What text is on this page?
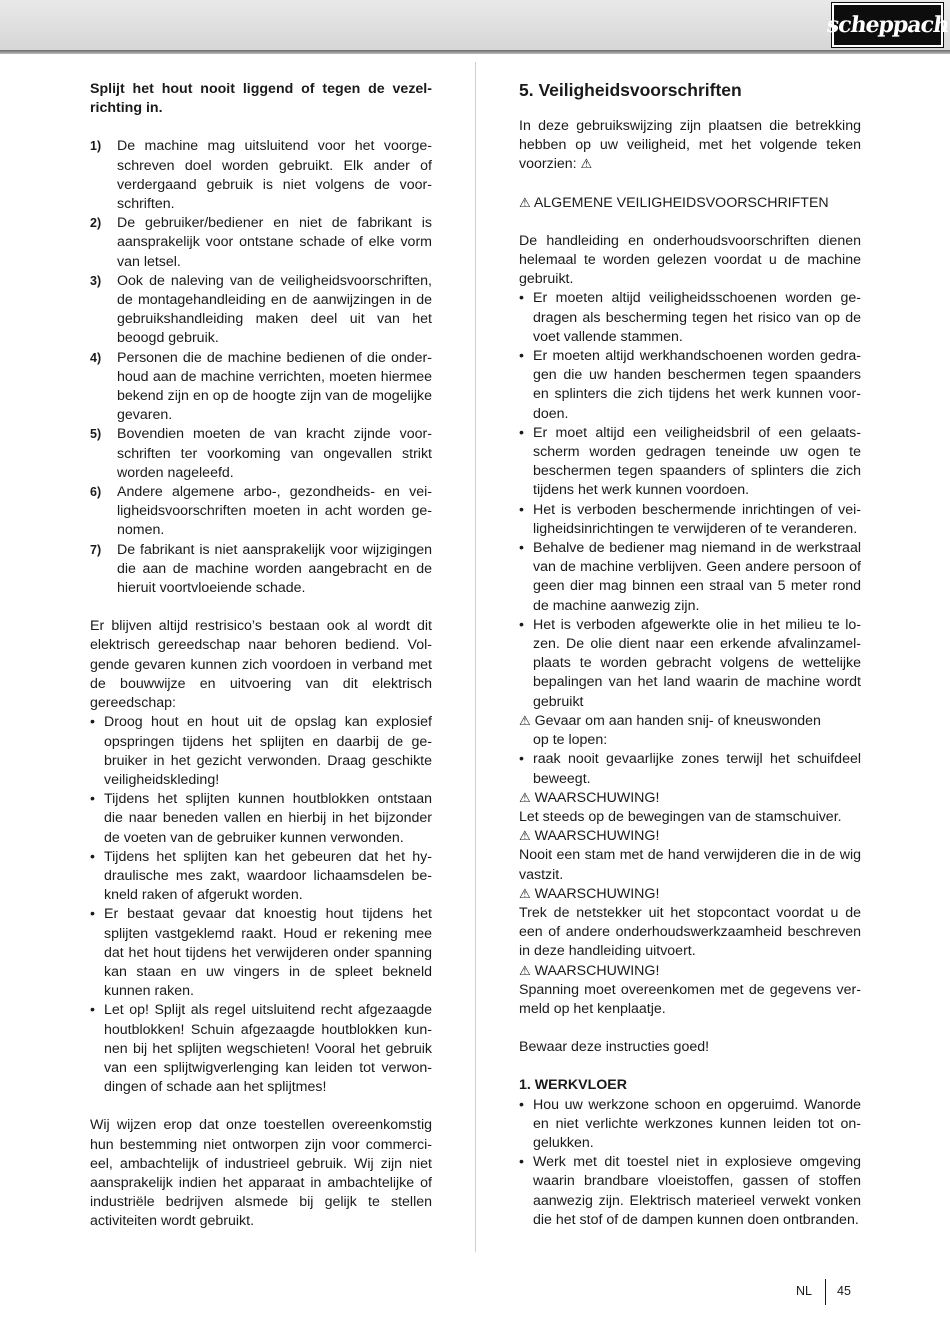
scheppach

Splijt het hout nooit liggend of tegen de vezelrichting in.

1) De machine mag uitsluitend voor het voorgeschreven doel worden gebruikt. Elk ander of verdergaand gebruik is niet volgens de voorschriften.
2) De gebruiker/bediener en niet de fabrikant is aansprakelijk voor ontstane schade of elke vorm van letsel.
3) Ook de naleving van de veiligheidsvoorschriften, de montagehandleiding en de aanwijzingen in de gebruikshandleiding maken deel uit van het beoogd gebruik.
4) Personen die de machine bedienen of die onderhoud aan de machine verrichten, moeten hiermee bekend zijn en op de hoogte zijn van de mogelijke gevaren.
5) Bovendien moeten de van kracht zijnde voorschriften ter voorkoming van ongevallen strikt worden nageleefd.
6) Andere algemene arbo-, gezondheids- en veiligheidsvoorschriften moeten in acht worden genomen.
7) De fabrikant is niet aansprakelijk voor wijzigingen die aan de machine worden aangebracht en de hieruit voortvloeiende schade.

Er blijven altijd restrisico’s bestaan ook al wordt dit elektrisch gereedschap naar behoren bediend. Volgende gevaren kunnen zich voordoen in verband met de bouwwijze en uitvoering van dit elektrisch gereedschap:

• Droog hout en hout uit de opslag kan explosief opspringen tijdens het splijten en daarbij de gebruiker in het gezicht verwonden. Draag geschikte veiligheidskleding!
• Tijdens het splijten kunnen houtblokken ontstaan die naar beneden vallen en hierbij in het bijzonder de voeten van de gebruiker kunnen verwonden.
• Tijdens het splijten kan het gebeuren dat het hydraulische mes zakt, waardoor lichaamsdelen bekneld raken of afgerukt worden.
• Er bestaat gevaar dat knoestig hout tijdens het splijten vastgeklemd raakt. Houd er rekening mee dat het hout tijdens het verwijderen onder spanning kan staan en uw vingers in de spleet bekneld kunnen raken.
• Let op! Splijt als regel uitsluitend recht afgezaagde houtblokken! Schuin afgezaagde houtblokken kunnen bij het splijten wegschieten! Vooral het gebruik van een splijtwigverlenging kan leiden tot verwondingen of schade aan het splijtmes!

Wij wijzen erop dat onze toestellen overeenkomstig hun bestemming niet ontworpen zijn voor commercieel, ambachtelijk of industrieel gebruik. Wij zijn niet aansprakelijk indien het apparaat in ambachtelijke of industriële bedrijven alsmede bij gelijk te stellen activiteiten wordt gebruikt.

5. Veiligheidsvoorschriften

In deze gebruikswijzing zijn plaatsen die betrekking hebben op uw veiligheid, met het volgende teken voorzien: ⚠

⚠ ALGEMENE VEILIGHEIDSVOORSCHRIFTEN

De handleiding en onderhoudsvoorschriften dienen helemaal te worden gelezen voordat u de machine gebruikt.

• Er moeten altijd veiligheidsschoenen worden gedragen als bescherming tegen het risico van op de voet vallende stammen.
• Er moeten altijd werkhandschoenen worden gedragen die uw handen beschermen tegen spaanders en splinters die zich tijdens het werk kunnen voordoen.
• Er moet altijd een veiligheidsbril of een gelaatsscherm worden gedragen teneinde uw ogen te beschermen tegen spaanders of splinters die zich tijdens het werk kunnen voordoen.
• Het is verboden beschermende inrichtingen of veiligheidsinrichtingen te verwijderen of te veranderen.
• Behalve de bediener mag niemand in de werkstraal van de machine verblijven. Geen andere persoon of geen dier mag binnen een straal van 5 meter rond de machine aanwezig zijn.
• Het is verboden afgewerkte olie in het milieu te lozen. De olie dient naar een erkende afvalinzamelplaats te worden gebracht volgens de wettelijke bepalingen van het land waarin de machine wordt gebruikt

⚠ Gevaar om aan handen snij- of kneuswonden

op te lopen:

• raak nooit gevaarlijke zones terwijl het schuifdeel beweegt.

⚠ WAARSCHUWING!

Let steeds op de bewegingen van de stamschuiver.

⚠ WAARSCHUWING!

Nooit een stam met de hand verwijderen die in de wig vastzit.

⚠ WAARSCHUWING!

Trek de netstekker uit het stopcontact voordat u de een of andere onderhoudswerkzaamheid beschreven in deze handleiding uitvoert.

⚠ WAARSCHUWING!

Spanning moet overeenkomen met de gegevens vermeld op het kenplaatje.

Bewaar deze instructies goed!

1. WERKVLOER

• Hou uw werkzone schoon en opgeruimd. Wanorde en niet verlichte werkzones kunnen leiden tot ongelukken.
• Werk met dit toestel niet in explosieve omgeving waarin brandbare vloeistoffen, gassen of stoffen aanwezig zijn. Elektrisch materieel verwekt vonken die het stof of de dampen kunnen doen ontbranden.
NL 45
